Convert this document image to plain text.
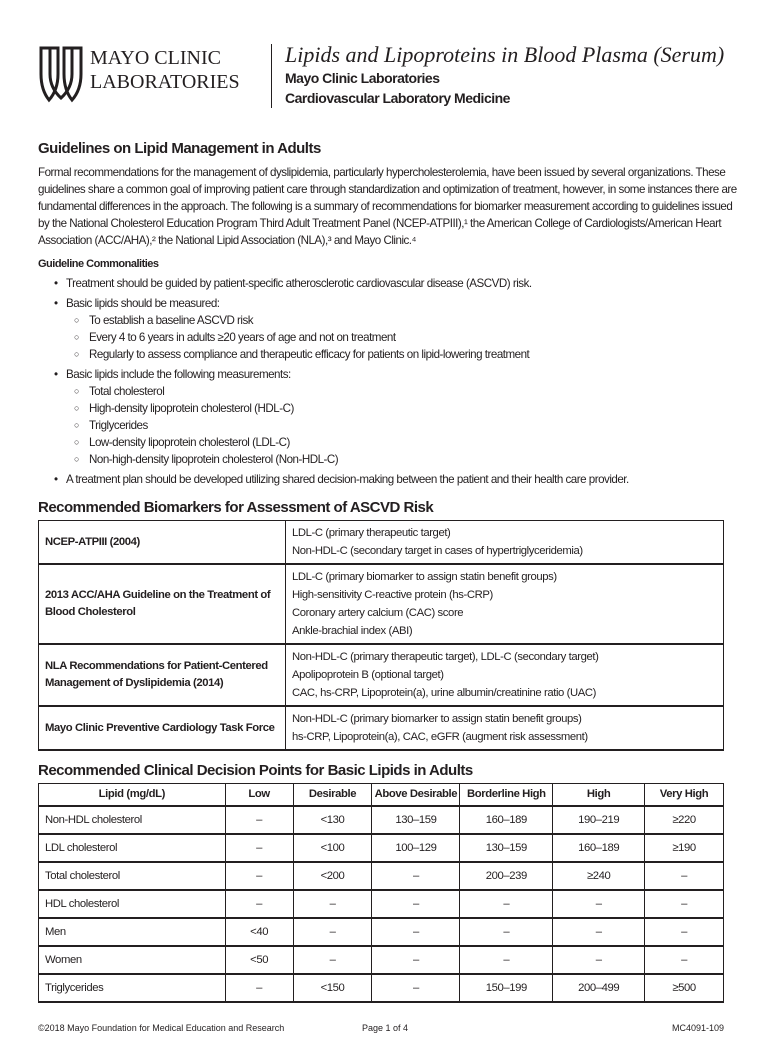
MAYO CLINIC
LABORATORIES
Lipids and Lipoproteins in Blood Plasma (Serum)
Mayo Clinic Laboratories
Cardiovascular Laboratory Medicine
Guidelines on Lipid Management in Adults

Formal recommendations for the management of dyslipidemia, particularly hypercholesterolemia, have been issued by several organizations. These guidelines share a common goal of improving patient care through standardization and optimization of treatment, however, in some instances there are fundamental differences in the approach. The following is a summary of recommendations for biomarker measurement according to guidelines issued by the National Cholesterol Education Program Third Adult Treatment Panel (NCEP-ATPIII),¹ the American College of Cardiologists/American Heart Association (ACC/AHA),² the National Lipid Association (NLA),³ and Mayo Clinic.⁴

Guideline Commonalities
• Treatment should be guided by patient-specific atherosclerotic cardiovascular disease (ASCVD) risk.
• Basic lipids should be measured:
○ To establish a baseline ASCVD risk
○ Every 4 to 6 years in adults ≥20 years of age and not on treatment
○ Regularly to assess compliance and therapeutic efficacy for patients on lipid-lowering treatment
• Basic lipids include the following measurements:
○ Total cholesterol
○ High-density lipoprotein cholesterol (HDL-C)
○ Triglycerides
○ Low-density lipoprotein cholesterol (LDL-C)
○ Non-high-density lipoprotein cholesterol (Non-HDL-C)
• A treatment plan should be developed utilizing shared decision-making between the patient and their health care provider.
Recommended Biomarkers for Assessment of ASCVD Risk
NCEP-ATPIII (2004)	LDL-C (primary therapeutic target)
Non-HDL-C (secondary target in cases of hypertriglyceridemia)

2013 ACC/AHA Guideline on the Treatment of Blood Cholesterol	LDL-C (primary biomarker to assign statin benefit groups)
High-sensitivity C-reactive protein (hs-CRP)
Coronary artery calcium (CAC) score
Ankle-brachial index (ABI)

NLA Recommendations for Patient-Centered Management of Dyslipidemia (2014)	Non-HDL-C (primary therapeutic target), LDL-C (secondary target)
Apolipoprotein B (optional target)
CAC, hs-CRP, Lipoprotein(a), urine albumin/creatinine ratio (UAC)

Mayo Clinic Preventive Cardiology Task Force	Non-HDL-C (primary biomarker to assign statin benefit groups)
hs-CRP, Lipoprotein(a), CAC, eGFR (augment risk assessment)
Recommended Clinical Decision Points for Basic Lipids in Adults
Lipid (mg/dL)	Low	Desirable	Above Desirable	Borderline High	High	Very High
Non-HDL cholesterol	–	<130	130–159	160–189	190–219	≥220
LDL cholesterol	–	<100	100–129	130–159	160–189	≥190
Total cholesterol	–	<200	–	200–239	≥240	–
HDL cholesterol	–	–	–	–	–	–
Men	<40	–	–	–	–	–
Women	<50	–	–	–	–	–
Triglycerides	–	<150	–	150–199	200–499	≥500
©2018 Mayo Foundation for Medical Education and Research	Page 1 of 4	MC4091-109
